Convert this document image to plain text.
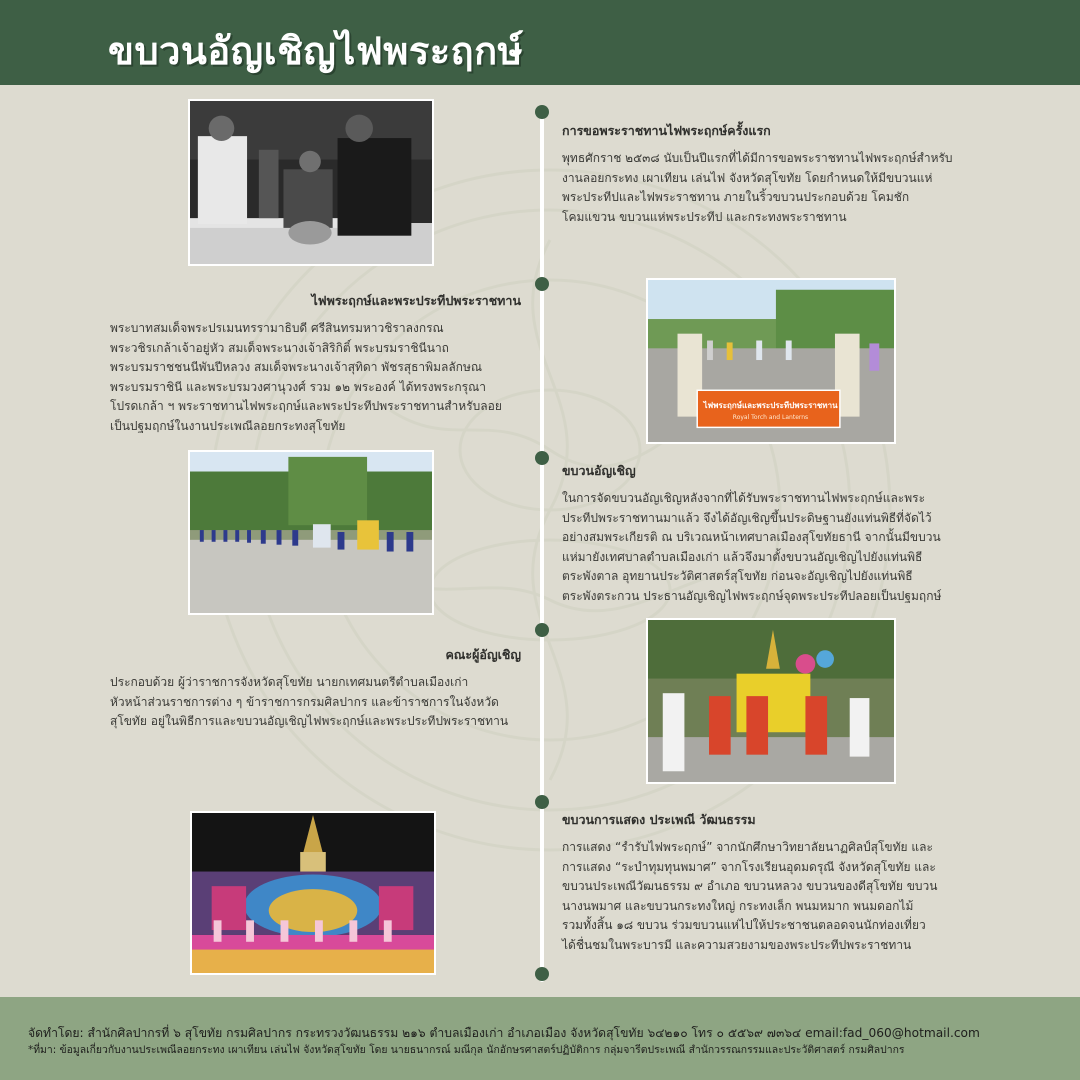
ขบวนอัญเชิญไฟพระฤกษ์
ไฟพระฤกษ์และพระประทีปพระราชทาน
Royal Torch and Lanterns
การขอพระราชทานไฟพระฤกษ์ครั้งแรก
พุทธศักราช ๒๕๓๘ นับเป็นปีแรกที่ได้มีการขอพระราชทานไฟพระฤกษ์สำหรับ
งานลอยกระทง เผาเทียน เล่นไฟ จังหวัดสุโขทัย โดยกำหนดให้มีขบวนแห่
พระประทีปและไฟพระราชทาน ภายในริ้วขบวนประกอบด้วย โคมชัก
โคมแขวน ขบวนแห่พระประทีป และกระทงพระราชทาน
ไฟพระฤกษ์และพระประทีปพระราชทาน
พระบาทสมเด็จพระปรเมนทรรามาธิบดี ศรีสินทรมหาวชิราลงกรณ
พระวชิรเกล้าเจ้าอยู่หัว สมเด็จพระนางเจ้าสิริกิติ์ พระบรมราชินีนาถ
พระบรมราชชนนีพันปีหลวง สมเด็จพระนางเจ้าสุทิดา พัชรสุธาพิมลลักษณ
พระบรมราชินี และพระบรมวงศานุวงศ์ รวม ๑๒ พระองค์ ได้ทรงพระกรุณา
โปรดเกล้า ฯ พระราชทานไฟพระฤกษ์และพระประทีปพระราชทานสำหรับลอย
เป็นปฐมฤกษ์ในงานประเพณีลอยกระทงสุโขทัย
ขบวนอัญเชิญ
ในการจัดขบวนอัญเชิญหลังจากที่ได้รับพระราชทานไฟพระฤกษ์และพระ
ประทีปพระราชทานมาแล้ว จึงได้อัญเชิญขึ้นประดิษฐานยังแท่นพิธีที่จัดไว้
อย่างสมพระเกียรติ ณ บริเวณหน้าเทศบาลเมืองสุโขทัยธานี จากนั้นมีขบวน
แห่มายังเทศบาลตำบลเมืองเก่า แล้วจึงมาตั้งขบวนอัญเชิญไปยังแท่นพิธี
ตระพังตาล อุทยานประวัติศาสตร์สุโขทัย ก่อนจะอัญเชิญไปยังแท่นพิธี
ตระพังตระกวน ประธานอัญเชิญไฟพระฤกษ์จุดพระประทีปลอยเป็นปฐมฤกษ์
คณะผู้อัญเชิญ
ประกอบด้วย ผู้ว่าราชการจังหวัดสุโขทัย นายกเทศมนตรีตำบลเมืองเก่า
หัวหน้าส่วนราชการต่าง ๆ ข้าราชการกรมศิลปากร และข้าราชการในจังหวัด
สุโขทัย อยู่ในพิธีการและขบวนอัญเชิญไฟพระฤกษ์และพระประทีปพระราชทาน
ขบวนการแสดง ประเพณี วัฒนธรรม
การแสดง “รำรับไฟพระฤกษ์” จากนักศึกษาวิทยาลัยนาฏศิลป์สุโขทัย และ
การแสดง “ระบำทุมทุนพมาศ” จากโรงเรียนอุดมดรุณี จังหวัดสุโขทัย และ
ขบวนประเพณีวัฒนธรรม ๙ อำเภอ ขบวนหลวง ขบวนของดีสุโขทัย ขบวน
นางนพมาศ และขบวนกระทงใหญ่ กระทงเล็ก พนมหมาก พนมดอกไม้
รวมทั้งสิ้น ๑๘ ขบวน ร่วมขบวนแห่ไปให้ประชาชนตลอดจนนักท่องเที่ยว
ได้ชื่นชมในพระบารมี และความสวยงามของพระประทีปพระราชทาน
จัดทำโดย: สำนักศิลปากรที่ ๖ สุโขทัย กรมศิลปากร กระทรวงวัฒนธรรม ๒๑๖ ตำบลเมืองเก่า อำเภอเมือง จังหวัดสุโขทัย ๖๔๒๑๐ โทร ๐ ๕๕๖๙ ๗๓๖๔ email:fad_060@hotmail.com
*ที่มา: ข้อมูลเกี่ยวกับงานประเพณีลอยกระทง เผาเทียน เล่นไฟ จังหวัดสุโขทัย โดย นายธนากรณ์ มณีกุล นักอักษรศาสตร์ปฏิบัติการ กลุ่มจารีตประเพณี สำนักวรรณกรรมและประวัติศาสตร์ กรมศิลปากร
